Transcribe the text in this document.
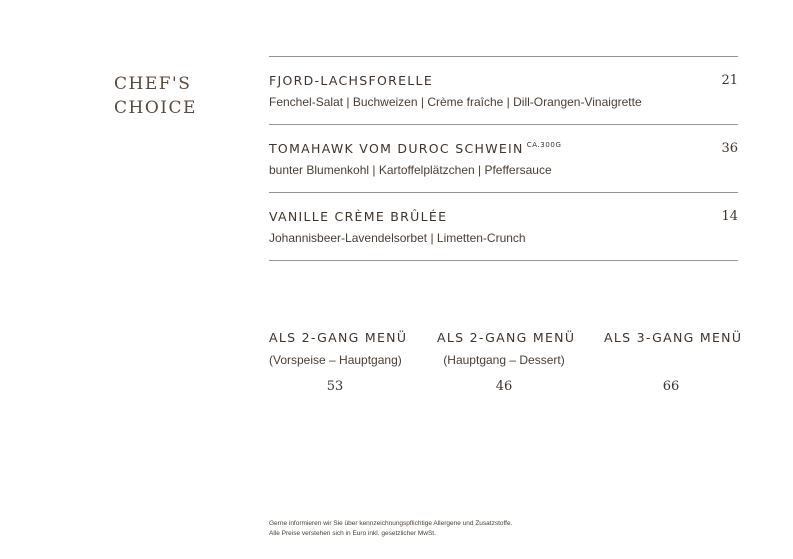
CHEF'S
CHOICE
FJORD-LACHSFORELLE	21
Fenchel-Salat | Buchweizen | Crème fraîche | Dill-Orangen-Vinaigrette
TOMAHAWK VOM DUROC SCHWEIN $^{CA.300G}$	36
bunter Blumenkohl | Kartoffelplätzchen | Pfeffersauce
VANILLE CRÈME BRÛLÉE	14
Johannisbeer-Lavendelsorbet | Limetten-Crunch
ALS 2-GANG MENÜ
(Vorspeise – Hauptgang)
53
ALS 2-GANG MENÜ
(Hauptgang – Dessert)
46
ALS 3-GANG MENÜ
66
Gerne informieren wir Sie über kennzeichnungspflichtige Allergene und Zusatzstoffe.
Alle Preise verstehen sich in Euro inkl. gesetzlicher MwSt.
